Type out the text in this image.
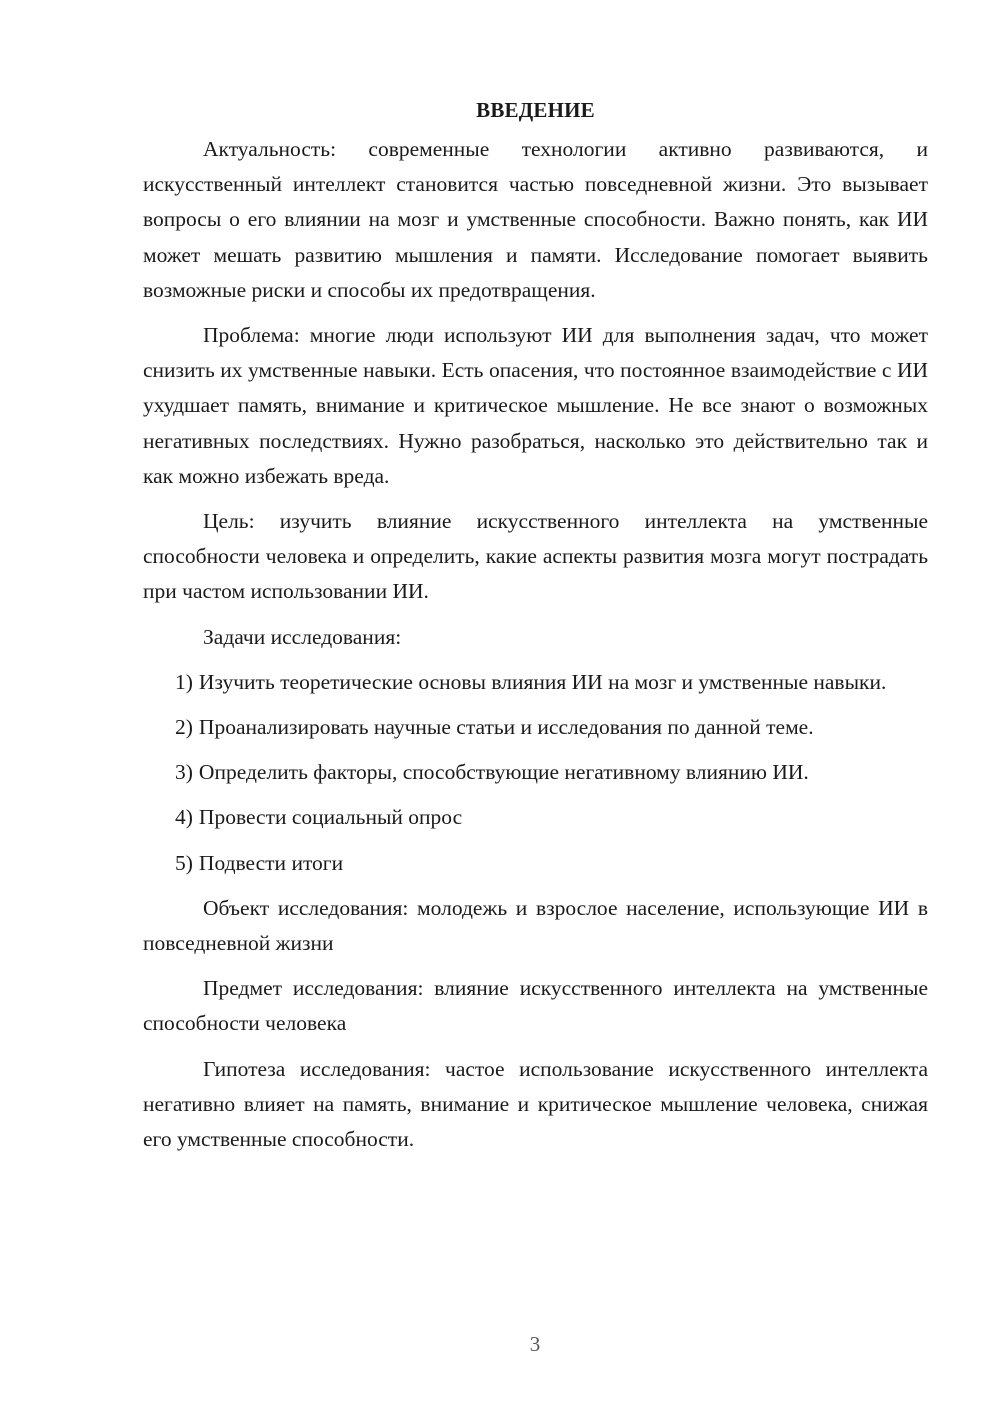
ВВЕДЕНИЕ

Актуальность: современные технологии активно развиваются, и искусственный интеллект становится частью повседневной жизни. Это вызывает вопросы о его влиянии на мозг и умственные способности. Важно понять, как ИИ может мешать развитию мышления и памяти. Исследование помогает выявить возможные риски и способы их предотвращения.

Проблема: многие люди используют ИИ для выполнения задач, что может снизить их умственные навыки. Есть опасения, что постоянное взаимодействие с ИИ ухудшает память, внимание и критическое мышление. Не все знают о возможных негативных последствиях. Нужно разобраться, насколько это действительно так и как можно избежать вреда.

Цель: изучить влияние искусственного интеллекта на умственные способности человека и определить, какие аспекты развития мозга могут пострадать при частом использовании ИИ.

Задачи исследования:

1) Изучить теоретические основы влияния ИИ на мозг и умственные навыки.

2) Проанализировать научные статьи и исследования по данной теме.

3) Определить факторы, способствующие негативному влиянию ИИ.

4) Провести социальный опрос

5) Подвести итоги

Объект исследования: молодежь и взрослое население, использующие ИИ в повседневной жизни

Предмет исследования: влияние искусственного интеллекта на умственные способности человека

Гипотеза исследования: частое использование искусственного интеллекта негативно влияет на память, внимание и критическое мышление человека, снижая его умственные способности.

3
